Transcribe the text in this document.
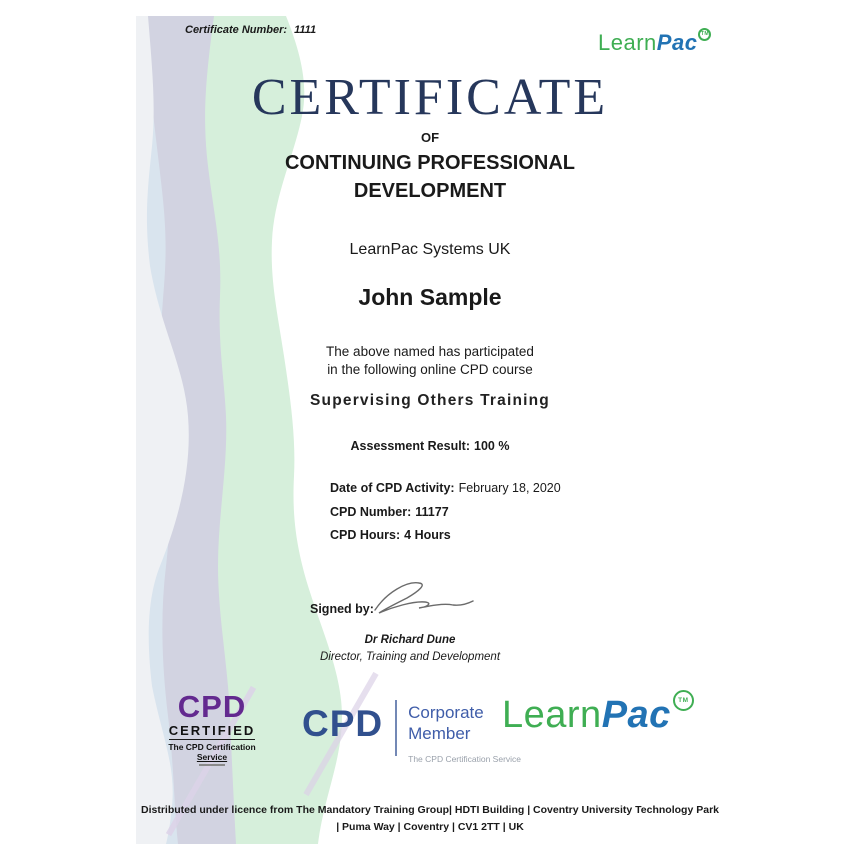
Certificate Number: 1111	LearnPac TM
CERTIFICATE
OF
CONTINUING PROFESSIONAL
DEVELOPMENT
LearnPac Systems UK
John Sample
The above named has participated
in the following online CPD course
Supervising Others Training
Assessment Result: 100 %
Date of CPD Activity: February 18, 2020
CPD Number: 11177
CPD Hours: 4 Hours
Signed by:
Dr Richard Dune
Director, Training and Development
CPD
CERTIFIED
The CPD Certification
Service
CPD Corporate
Member
The CPD Certification Service
LearnPac TM
Distributed under licence from The Mandatory Training Group| HDTI Building | Coventry University Technology Park
| Puma Way | Coventry | CV1 2TT | UK
